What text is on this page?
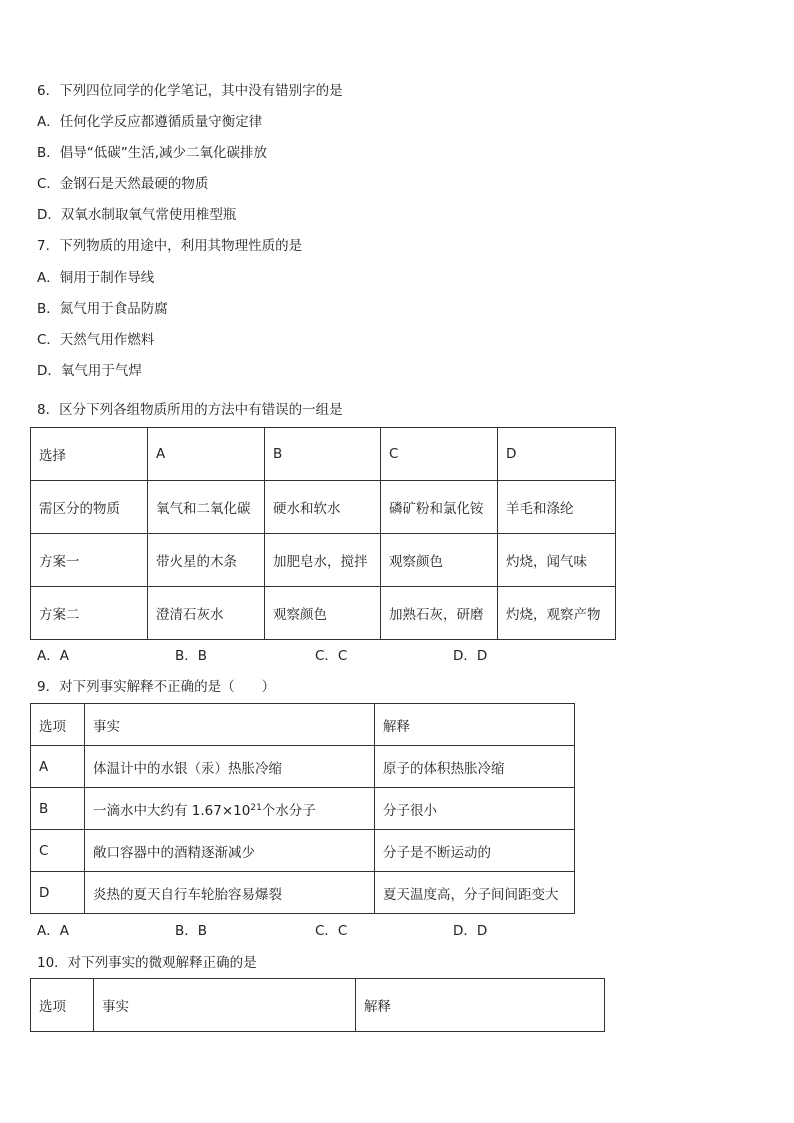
6．下列四位同学的化学笔记，其中没有错别字的是
A．任何化学反应都遵循质量守衡定律
B．倡导“低碳”生活,减少二氧化碳排放
C．金钢石是天然最硬的物质
D．双氧水制取氧气常使用椎型瓶
7．下列物质的用途中，利用其物理性质的是
A．铜用于制作导线
B．氮气用于食品防腐
C．天然气用作燃料
D．氧气用于气焊
8．区分下列各组物质所用的方法中有错误的一组是
选择	A	B	C	D
需区分的物质	氧气和二氧化碳	硬水和软水	磷矿粉和氯化铵	羊毛和涤纶
方案一	带火星的木条	加肥皂水，搅拌	观察颜色	灼烧，闻气味
方案二	澄清石灰水	观察颜色	加熟石灰，研磨	灼烧，观察产物
A．A	B．B	C．C	D．D
9．对下列事实解释不正确的是（　　）
选项	事实	解释
A	体温计中的水银（汞）热胀冷缩	原子的体积热胀冷缩
B	一滴水中大约有 $1.67\times 10^{21}$个水分子	分子很小
C	敞口容器中的酒精逐渐减少	分子是不断运动的
D	炎热的夏天自行车轮胎容易爆裂	夏天温度高，分子间间距变大
A．A	B．B	C．C	D．D
10．对下列事实的微观解释正确的是
选项	事实	解释
